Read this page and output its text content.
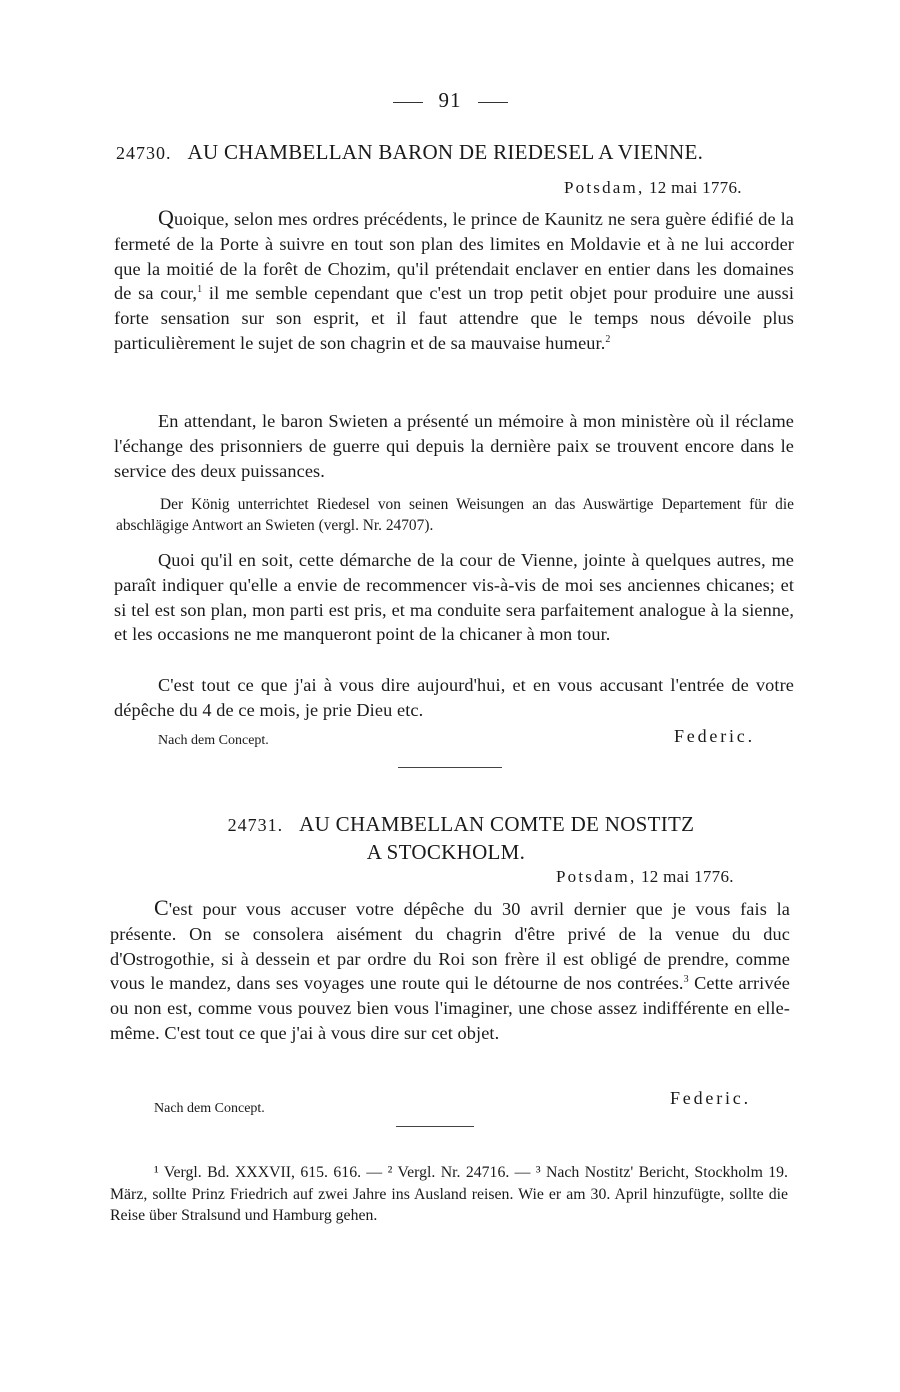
91
24730. AU CHAMBELLAN BARON DE RIEDESEL A VIENNE.
Potsdam, 12 mai 1776.
Quoique, selon mes ordres précédents, le prince de Kaunitz ne sera guère édifié de la fermeté de la Porte à suivre en tout son plan des limites en Moldavie et à ne lui accorder que la moitié de la forêt de Chozim, qu'il prétendait enclaver en entier dans les domaines de sa cour,$^1$ il me semble cependant que c'est un trop petit objet pour produire une aussi forte sensation sur son esprit, et il faut attendre que le temps nous dévoile plus particulièrement le sujet de son chagrin et de sa mauvaise humeur.$^2$
En attendant, le baron Swieten a présenté un mémoire à mon ministère où il réclame l'échange des prisonniers de guerre qui depuis la dernière paix se trouvent encore dans le service des deux puissances.
Der König unterrichtet Riedesel von seinen Weisungen an das Auswärtige Departement für die abschlägige Antwort an Swieten (vergl. Nr. 24707).
Quoi qu'il en soit, cette démarche de la cour de Vienne, jointe à quelques autres, me paraît indiquer qu'elle a envie de recommencer vis-à-vis de moi ses anciennes chicanes; et si tel est son plan, mon parti est pris, et ma conduite sera parfaitement analogue à la sienne, et les occasions ne me manqueront point de la chicaner à mon tour.
C'est tout ce que j'ai à vous dire aujourd'hui, et en vous accusant l'entrée de votre dépêche du 4 de ce mois, je prie Dieu etc.
Nach dem Concept.	Federic.
24731. AU CHAMBELLAN COMTE DE NOSTITZ
A STOCKHOLM.
Potsdam, 12 mai 1776.
C'est pour vous accuser votre dépêche du 30 avril dernier que je vous fais la présente. On se consolera aisément du chagrin d'être privé de la venue du duc d'Ostrogothie, si à dessein et par ordre du Roi son frère il est obligé de prendre, comme vous le mandez, dans ses voyages une route qui le détourne de nos contrées.$^3$ Cette arrivée ou non est, comme vous pouvez bien vous l'imaginer, une chose assez indifférente en elle-même. C'est tout ce que j'ai à vous dire sur cet objet.
Nach dem Concept.
Federic.
¹ Vergl. Bd. XXXVII, 615. 616. — ² Vergl. Nr. 24716. — ³ Nach Nostitz' Bericht, Stockholm 19. März, sollte Prinz Friedrich auf zwei Jahre ins Ausland reisen. Wie er am 30. April hinzufügte, sollte die Reise über Stralsund und Hamburg gehen.
